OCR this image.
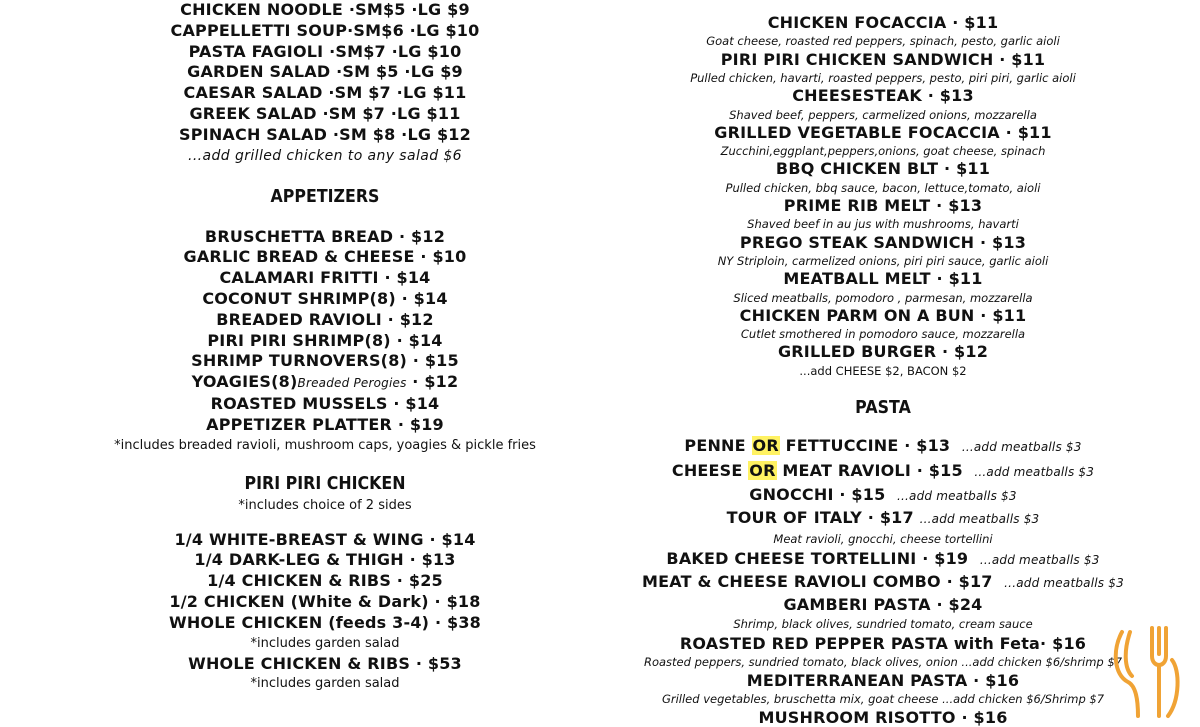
CHICKEN NOODLE ·SM$5 ·LG $9
CAPPELLETTI SOUP·SM$6 ·LG $10
PASTA FAGIOLI ·SM$7 ·LG $10
GARDEN SALAD ·SM $5 ·LG $9
CAESAR SALAD ·SM $7 ·LG $11
GREEK SALAD ·SM $7 ·LG $11
SPINACH SALAD ·SM $8 ·LG $12
...add grilled chicken to any salad $6
APPETIZERS
BRUSCHETTA BREAD · $12
GARLIC BREAD & CHEESE · $10
CALAMARI FRITTI · $14
COCONUT SHRIMP(8) · $14
BREADED RAVIOLI · $12
PIRI PIRI SHRIMP(8) · $14
SHRIMP TURNOVERS(8) · $15
YOAGIES(8)Breaded Perogies · $12
ROASTED MUSSELS · $14
APPETIZER PLATTER · $19
*includes breaded ravioli, mushroom caps, yoagies & pickle fries
PIRI PIRI CHICKEN
*includes choice of 2 sides
1/4 WHITE-BREAST & WING · $14
1/4 DARK-LEG & THIGH · $13
1/4 CHICKEN & RIBS · $25
1/2 CHICKEN (White & Dark) · $18
WHOLE CHICKEN (feeds 3-4) · $38
*includes garden salad
WHOLE CHICKEN & RIBS · $53
*includes garden salad
CHICKEN FOCACCIA · $11
Goat cheese, roasted red peppers, spinach, pesto, garlic aioli
PIRI PIRI CHICKEN SANDWICH · $11
Pulled chicken, havarti, roasted peppers, pesto, piri piri, garlic aioli
CHEESESTEAK · $13
Shaved beef, peppers, carmelized onions, mozzarella
GRILLED VEGETABLE FOCACCIA · $11
Zucchini,eggplant,peppers,onions, goat cheese, spinach
BBQ CHICKEN BLT · $11
Pulled chicken, bbq sauce, bacon, lettuce,tomato, aioli
PRIME RIB MELT · $13
Shaved beef in au jus with mushrooms, havarti
PREGO STEAK SANDWICH · $13
NY Striploin, carmelized onions, piri piri sauce, garlic aioli
MEATBALL MELT · $11
Sliced meatballs, pomodoro , parmesan, mozzarella
CHICKEN PARM ON A BUN · $11
Cutlet smothered in pomodoro sauce, mozzarella
GRILLED BURGER · $12
...add CHEESE $2, BACON $2
PASTA
PENNE OR FETTUCCINE · $13 ...add meatballs $3
CHEESE OR MEAT RAVIOLI · $15 ...add meatballs $3
GNOCCHI · $15 ...add meatballs $3
TOUR OF ITALY · $17 ...add meatballs $3
Meat ravioli, gnocchi, cheese tortellini
BAKED CHEESE TORTELLINI · $19 ...add meatballs $3
MEAT & CHEESE RAVIOLI COMBO · $17 ...add meatballs $3
GAMBERI PASTA · $24
Shrimp, black olives, sundried tomato, cream sauce
ROASTED RED PEPPER PASTA with Feta· $16
Roasted peppers, sundried tomato, black olives, onion ...add chicken $6/shrimp $7
MEDITERRANEAN PASTA · $16
Grilled vegetables, bruschetta mix, goat cheese ...add chicken $6/Shrimp $7
MUSHROOM RISOTTO · $16
